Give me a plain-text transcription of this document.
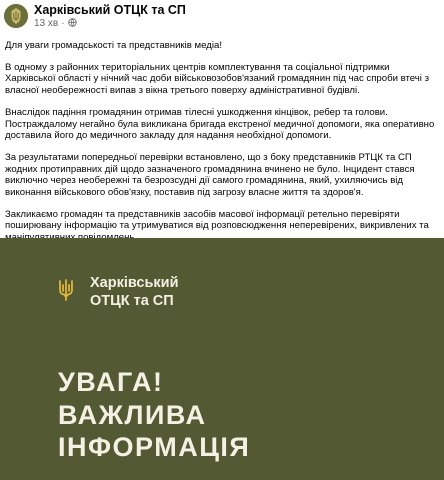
Харківський ОТЦК та СП
13 хв ·

Для уваги громадськості та представників медіа!

В одному з районних територіальних центрів комплектування та соціальної підтримки Харківської області у нічний час доби військовозобов'язаний громадянин під час спроби втечі з власної необережності випав з вікна третього поверху адміністративної будівлі.

Внаслідок падіння громадянин отримав тілесні ушкодження кінцівок, ребер та голови. Постраждалому негайно була викликана бригада екстреної медичної допомоги, яка оперативно доставила його до медичного закладу для надання необхідної допомоги.

За результатами попередньої перевірки встановлено, що з боку представників РТЦК та СП жодних протиправних дій щодо зазначеного громадянина вчинено не було. Інцидент стався виключно через необережні та безрозсудні дії самого громадянина, який, ухиляючись від виконання військового обов'язку, поставив під загрозу власне життя та здоров'я.

Закликаємо громадян та представників засобів масової інформації ретельно перевіряти поширювану інформацію та утримуватися від розповсюдження неперевірених, викривлених та

Харківський
ОТЦК та СП
УВАГА!
ВАЖЛИВА
ІНФОРМАЦІЯ
